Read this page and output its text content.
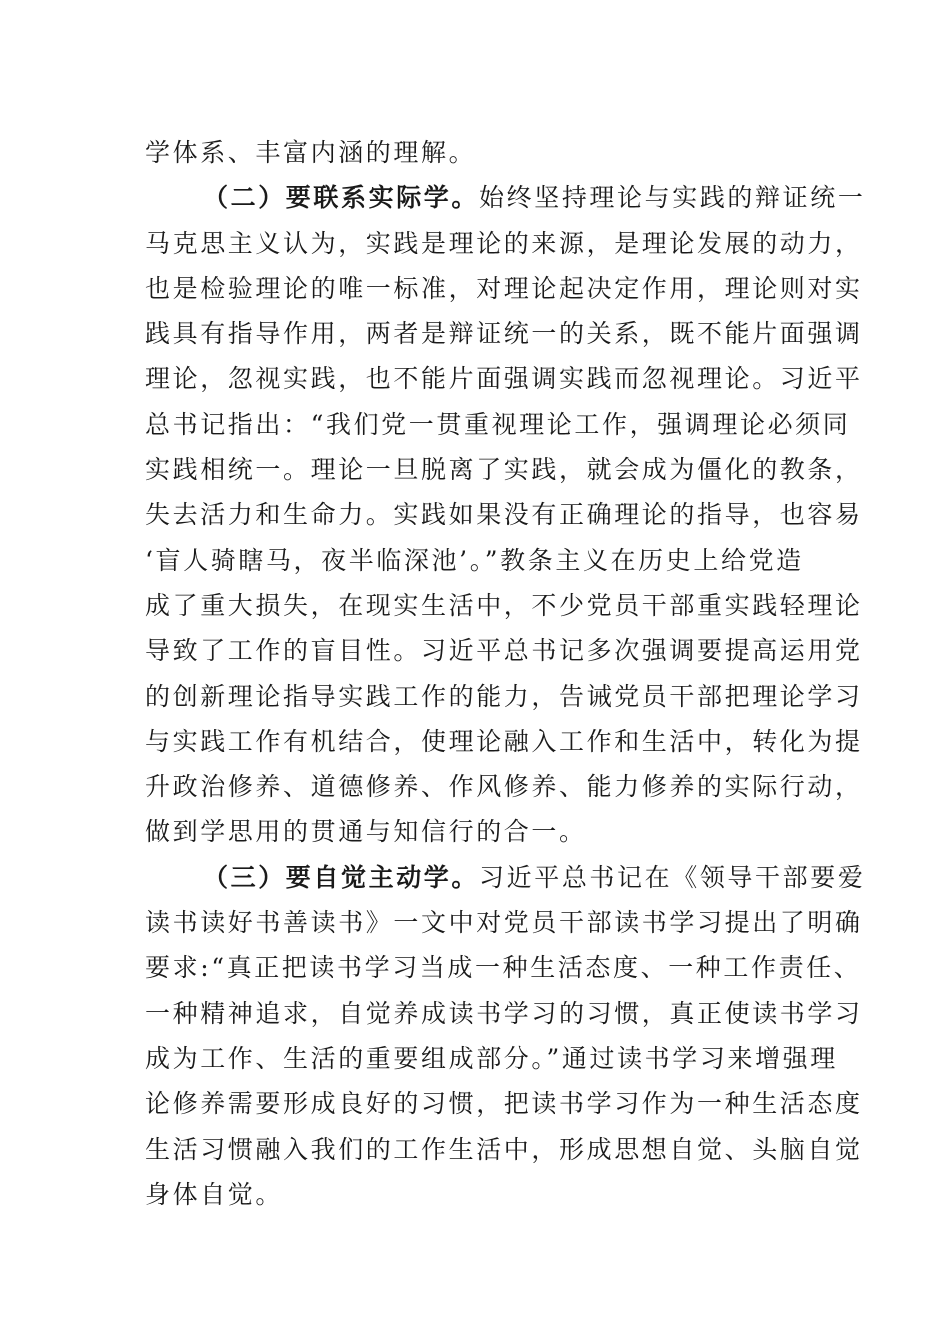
学体系、丰富内涵的理解。
（二）要联系实际学。始终坚持理论与实践的辩证统一
马克思主义认为，实践是理论的来源，是理论发展的动力，
也是检验理论的唯一标准，对理论起决定作用，理论则对实
践具有指导作用，两者是辩证统一的关系，既不能片面强调
理论，忽视实践，也不能片面强调实践而忽视理论。习近平
总书记指出：“我们党一贯重视理论工作，强调理论必须同
实践相统一。理论一旦脱离了实践，就会成为僵化的教条，
失去活力和生命力。实践如果没有正确理论的指导，也容易
‘盲人骑瞎马，夜半临深池’。”教条主义在历史上给党造
成了重大损失，在现实生活中，不少党员干部重实践轻理论
导致了工作的盲目性。习近平总书记多次强调要提高运用党
的创新理论指导实践工作的能力，告诫党员干部把理论学习
与实践工作有机结合，使理论融入工作和生活中，转化为提
升政治修养、道德修养、作风修养、能力修养的实际行动，
做到学思用的贯通与知信行的合一。
（三）要自觉主动学。习近平总书记在《领导干部要爱
读书读好书善读书》一文中对党员干部读书学习提出了明确
要求:“真正把读书学习当成一种生活态度、一种工作责任、
一种精神追求，自觉养成读书学习的习惯，真正使读书学习
成为工作、生活的重要组成部分。”通过读书学习来增强理
论修养需要形成良好的习惯，把读书学习作为一种生活态度
生活习惯融入我们的工作生活中，形成思想自觉、头脑自觉
身体自觉。
